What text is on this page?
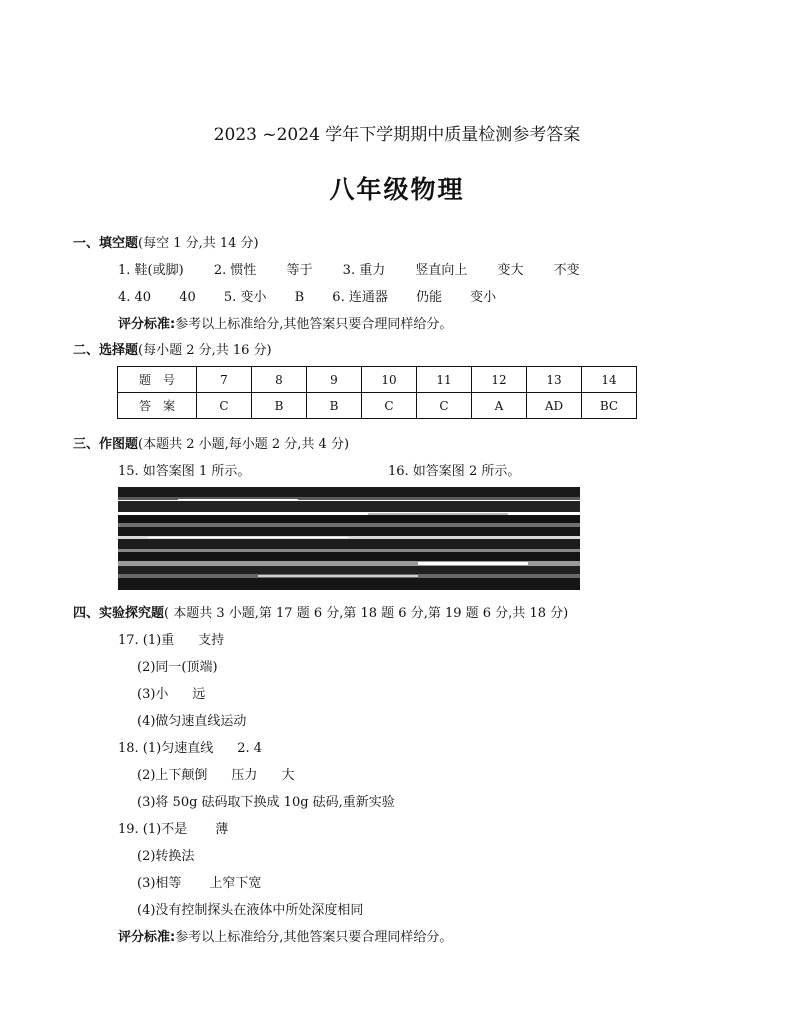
2023 ~2024 学年下学期期中质量检测参考答案
八年级物理
一、填空题(每空 1 分,共 14 分)
1. 鞋(或脚) 2. 惯性 等于 3. 重力 竖直向上 变大 不变
4. 40 40 5. 变小 B 6. 连通器 仍能 变小
评分标准:参考以上标准给分,其他答案只要合理同样给分。
二、选择题(每小题 2 分,共 16 分)
题　号	7	8	9	10	11	12	13	14
答　案	C	B	B	C	C	A	AD	BC
三、作图题(本题共 2 小题,每小题 2 分,共 4 分)
15. 如答案图 1 所示。	16. 如答案图 2 所示。
四、实验探究题( 本题共 3 小题,第 17 题 6 分,第 18 题 6 分,第 19 题 6 分,共 18 分)
17. (1)重 支持
(2)同一(顶端)
(3)小 远
(4)做匀速直线运动
18. (1)匀速直线 2. 4
(2)上下颠倒 压力 大
(3)将 50g 砝码取下换成 10g 砝码,重新实验
19. (1)不是 薄
(2)转换法
(3)相等 上窄下宽
(4)没有控制探头在液体中所处深度相同
评分标准:参考以上标准给分,其他答案只要合理同样给分。
